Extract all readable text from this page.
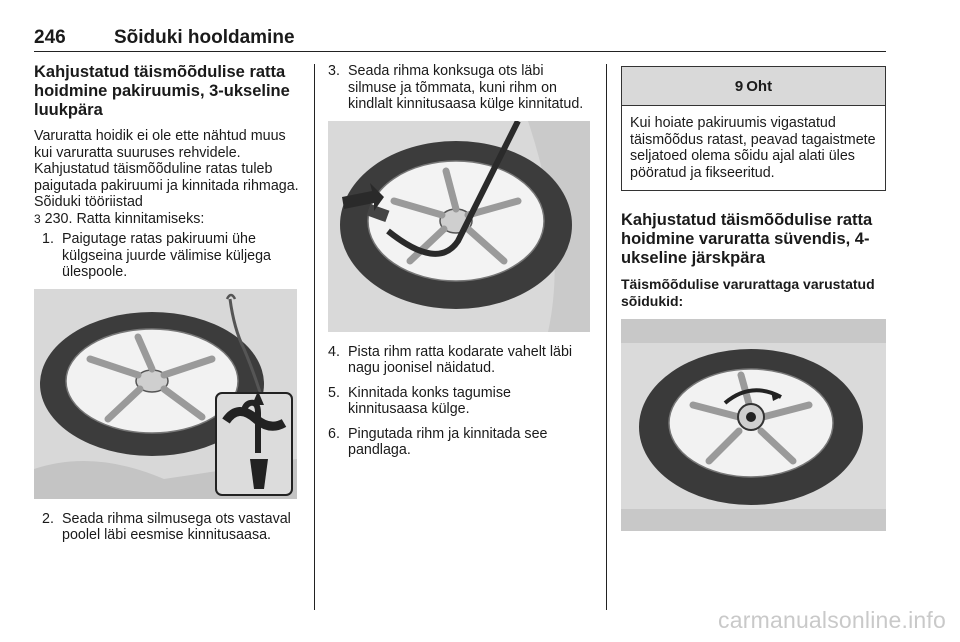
246	Sõiduki hooldamine
Kahjustatud täismõõdulise ratta hoidmine pakiruumis, 3-ukseline luukpära

Varuratta hoidik ei ole ette nähtud muus kui varuratta suuruses rehvidele. Kahjustatud täismõõduline ratas tuleb paigutada pakiruumi ja kinnitada rihmaga. Sõiduki tööriistad
3 230. Ratta kinnitamiseks:

1. Paigutage ratas pakiruumi ühe külgseina juurde välimise küljega ülespoole.
2. Seada rihma silmusega ots vastaval poolel läbi eesmise kinnitusaasa.
3. Seada rihma konksuga ots läbi silmuse ja tõmmata, kuni rihm on kindlalt kinnitusaasa külge kinnitatud.
4. Pista rihm ratta kodarate vahelt läbi nagu joonisel näidatud.
5. Kinnitada konks tagumise kinnitusaasa külge.
6. Pingutada rihm ja kinnitada see pandlaga.
9 Oht
Kui hoiate pakiruumis vigastatud täismõõdus ratast, peavad tagaistmete seljatoed olema sõidu ajal alati üles pööratud ja fikseeritud.
Kahjustatud täismõõdulise ratta hoidmine varuratta süvendis, 4-ukseline järskpära
Täismõõdulise varurattaga varustatud sõidukid:
carmanualsonline.info
